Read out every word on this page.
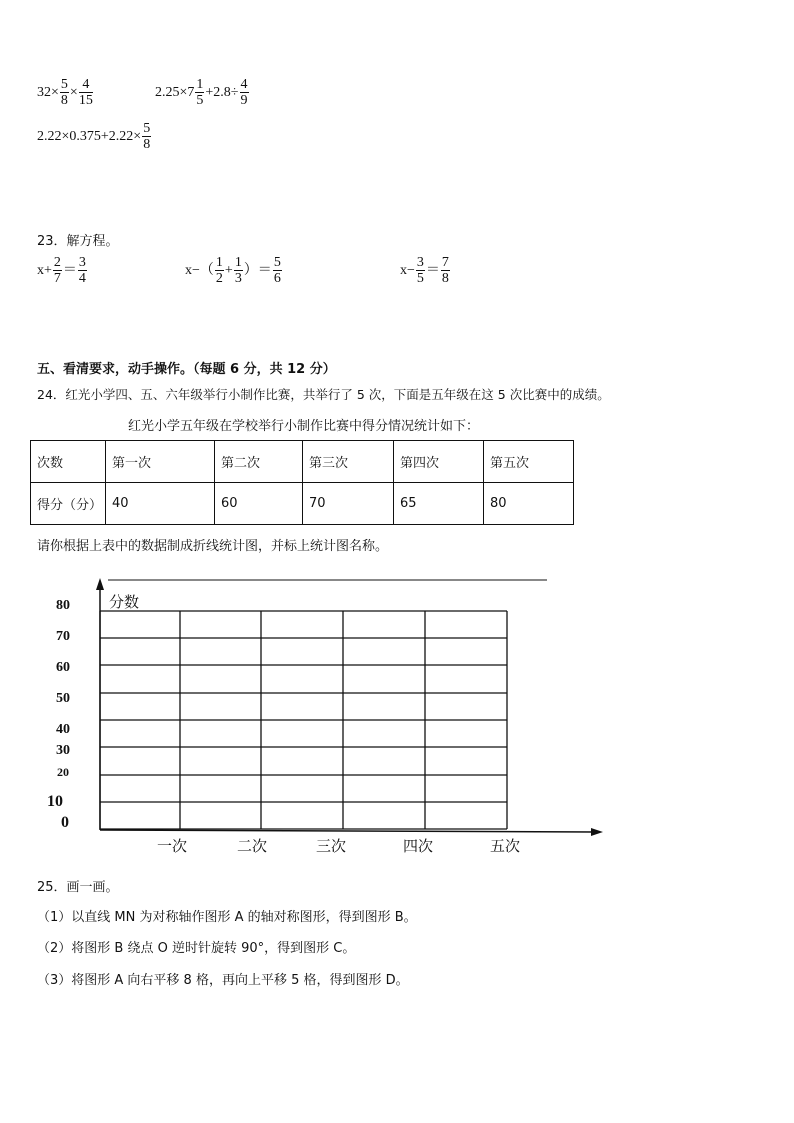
$32\times \frac{5}{8} \times \frac{4}{15}$	$2.25\times 7 \frac{1}{5} +2.8\div \frac{4}{9}$
$2.22\times 0.375+2.22\times \frac{5}{8}$
23．解方程。
$x+ \frac{2}{7} = \frac{3}{4}$	$x-( \frac{1}{2} + \frac{1}{3}$ ）＝ $\frac{5}{6}$	$x- \frac{3}{5} = \frac{7}{8}$
五、看清要求，动手操作。（每题 6 分，共 12 分）
24．红光小学四、五、六年级举行小制作比赛，共举行了 5 次，下面是五年级在这 5 次比赛中的成绩。
红光小学五年级在学校举行小制作比赛中得分情况统计如下：
次数	第一次	第二次	第三次	第四次	第五次
得分（分）	40	60	70	65	80
请你根据上表中的数据制成折线统计图，并标上统计图名称。
分数
80
70
60
50
40
30
20
10
0
一次	二次	三次	四次	五次
25．画一画。
（1）以直线 MN 为对称轴作图形 A 的轴对称图形，得到图形 B。
（2）将图形 B 绕点 O 逆时针旋转 90°，得到图形 C。
（3）将图形 A 向右平移 8 格，再向上平移 5 格，得到图形 D。
